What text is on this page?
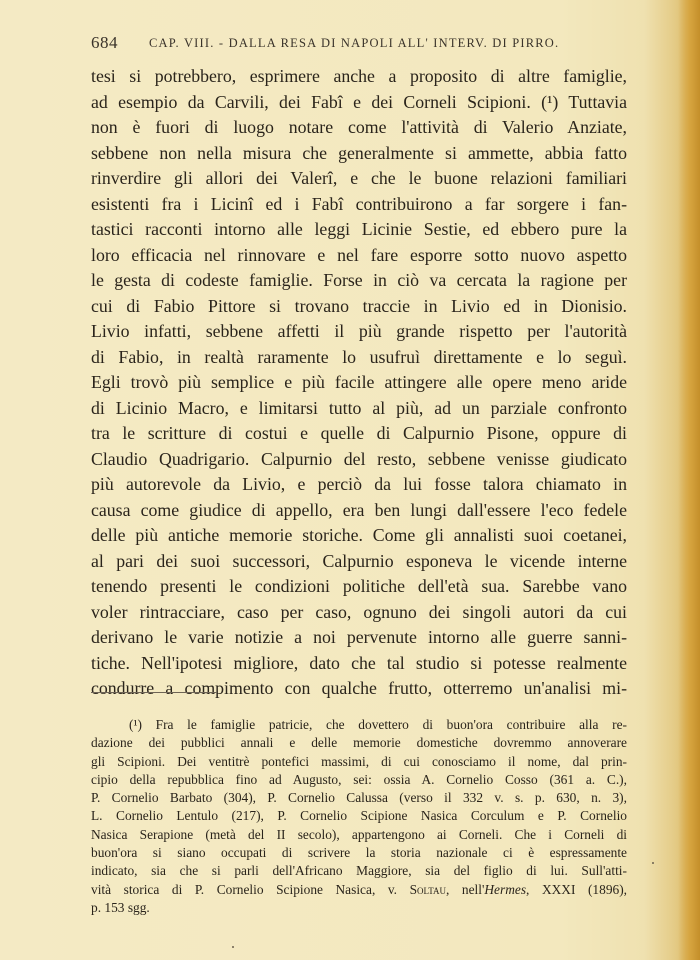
684 CAP. VIII. - DALLA RESA DI NAPOLI ALL' INTERV. DI PIRRO.
tesi si potrebbero, esprimere anche a proposito di altre famiglie,
ad esempio da Carvili, dei Fabî e dei Corneli Scipioni. (¹) Tuttavia
non è fuori di luogo notare come l'attività di Valerio Anziate,
sebbene non nella misura che generalmente si ammette, abbia fatto
rinverdire gli allori dei Valerî, e che le buone relazioni familiari
esistenti fra i Licinî ed i Fabî contribuirono a far sorgere i fan-
tastici racconti intorno alle leggi Licinie Sestie, ed ebbero pure la
loro efficacia nel rinnovare e nel fare esporre sotto nuovo aspetto
le gesta di codeste famiglie. Forse in ciò va cercata la ragione per
cui di Fabio Pittore si trovano traccie in Livio ed in Dionisio.
Livio infatti, sebbene affetti il più grande rispetto per l'autorità
di Fabio, in realtà raramente lo usufruì direttamente e lo seguì.
Egli trovò più semplice e più facile attingere alle opere meno aride
di Licinio Macro, e limitarsi tutto al più, ad un parziale confronto
tra le scritture di costui e quelle di Calpurnio Pisone, oppure di
Claudio Quadrigario. Calpurnio del resto, sebbene venisse giudicato
più autorevole da Livio, e perciò da lui fosse talora chiamato in
causa come giudice di appello, era ben lungi dall'essere l'eco fedele
delle più antiche memorie storiche. Come gli annalisti suoi coetanei,
al pari dei suoi successori, Calpurnio esponeva le vicende interne
tenendo presenti le condizioni politiche dell'età sua. Sarebbe vano
voler rintracciare, caso per caso, ognuno dei singoli autori da cui
derivano le varie notizie a noi pervenute intorno alle guerre sanni-
tiche. Nell'ipotesi migliore, dato che tal studio si potesse realmente
condurre a compimento con qualche frutto, otterremo un'analisi mi-
(¹) Fra le famiglie patricie, che dovettero di buon'ora contribuire alla re-
dazione dei pubblici annali e delle memorie domestiche dovremmo annoverare
gli Scipioni. Dei ventitrè pontefici massimi, di cui conosciamo il nome, dal prin-
cipio della repubblica fino ad Augusto, sei: ossia A. Cornelio Cosso (361 a. C.),
P. Cornelio Barbato (304), P. Cornelio Calussa (verso il 332 v. s. p. 630, n. 3),
L. Cornelio Lentulo (217), P. Cornelio Scipione Nasica Corculum e P. Cornelio
Nasica Serapione (metà del II secolo), appartengono ai Corneli. Che i Corneli di
buon'ora si siano occupati di scrivere la storia nazionale ci è espressamente
indicato, sia che si parli dell'Africano Maggiore, sia del figlio di lui. Sull'atti-
vità storica di P. Cornelio Scipione Nasica, v. Soltau, nell'Hermes, XXXI (1896),
p. 153 sgg.
